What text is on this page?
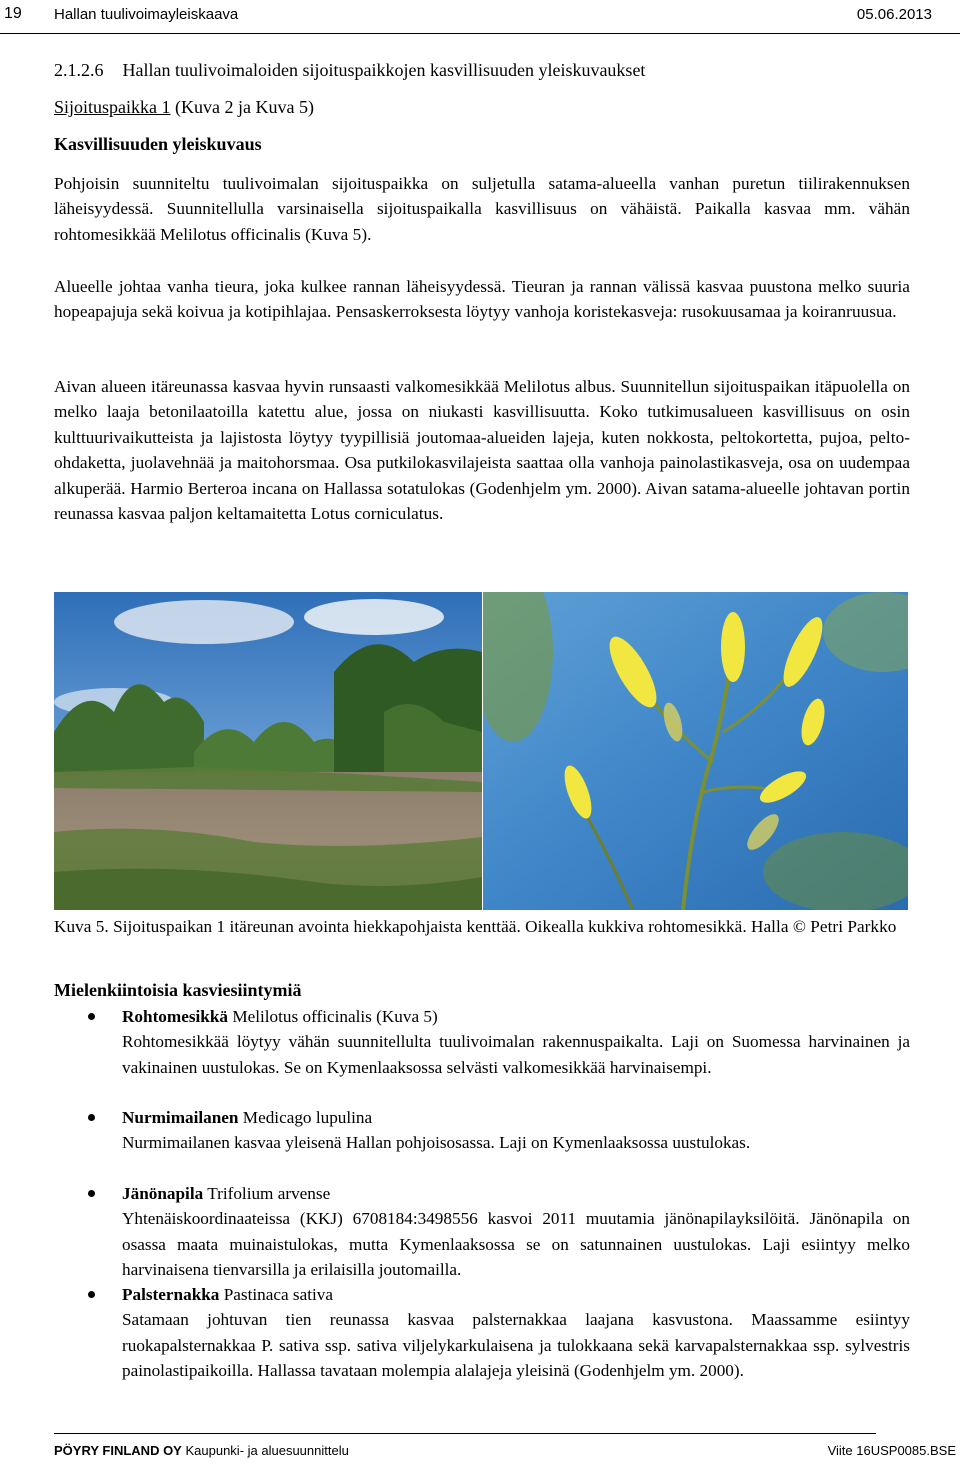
19 Hallan tuulivoimayleiskaava	05.06.2013
2.1.2.6 Hallan tuulivoimaloiden sijoituspaikkojen kasvillisuuden yleiskuvaukset
Sijoituspaikka 1 (Kuva 2 ja Kuva 5)
Kasvillisuuden yleiskuvaus
Pohjoisin suunniteltu tuulivoimalan sijoituspaikka on suljetulla satama-alueella vanhan puretun tiilirakennuksen läheisyydessä. Suunnitellulla varsinaisella sijoituspaikalla kasvillisuus on vähäistä. Paikalla kasvaa mm. vähän rohtomesikkää Melilotus officinalis (Kuva 5).
Alueelle johtaa vanha tieura, joka kulkee rannan läheisyydessä. Tieuran ja rannan välissä kasvaa puustona melko suuria hopeapajuja sekä koivua ja kotipihlajaa. Pensaskerroksesta löytyy vanhoja koristekasveja: rusokuusamaa ja koiranruusua.
Aivan alueen itäreunassa kasvaa hyvin runsaasti valkomesikkää Melilotus albus. Suunnitellun sijoituspaikan itäpuolella on melko laaja betonilaatoilla katettu alue, jossa on niukasti kasvillisuutta. Koko tutkimusalueen kasvillisuus on osin kulttuurivaikutteista ja lajistosta löytyy tyypillisiä joutomaa-alueiden lajeja, kuten nokkosta, peltokortetta, pujoa, pelto-ohdaketta, juolavehnää ja maitohorsmaa. Osa putkilokasvilajeista saattaa olla vanhoja painolastikasveja, osa on uudempaa alkuperää. Harmio Berteroa incana on Hallassa sotatulokas (Godenhjelm ym. 2000). Aivan satama-alueelle johtavan portin reunassa kasvaa paljon keltamaitetta Lotus corniculatus.
Kuva 5. Sijoituspaikan 1 itäreunan avointa hiekkapohjaista kenttää. Oikealla kukkiva rohtomesikkä. Halla © Petri Parkko
Mielenkiintoisia kasviesiintymiä
Rohtomesikkä Melilotus officinalis (Kuva 5)
Rohtomesikkää löytyy vähän suunnitellulta tuulivoimalan rakennuspaikalta. Laji on Suomessa harvinainen ja vakinainen uustulokas. Se on Kymenlaaksossa selvästi valkomesikkää harvinaisempi.
Nurmimailanen Medicago lupulina
Nurmimailanen kasvaa yleisenä Hallan pohjoisosassa. Laji on Kymenlaaksossa uustulokas.
Jänönapila Trifolium arvense
Yhtenäiskoordinaateissa (KKJ) 6708184:3498556 kasvoi 2011 muutamia jänönapilayksilöitä. Jänönapila on osassa maata muinaistulokas, mutta Kymenlaaksossa se on satunnainen uustulokas. Laji esiintyy melko harvinaisena tienvarsilla ja erilaisilla joutomailla.
Palsternakka Pastinaca sativa
Satamaan johtuvan tien reunassa kasvaa palsternakkaa laajana kasvustona. Maassamme esiintyy ruokapalsternakkaa P. sativa ssp. sativa viljelykarkulaisena ja tulokkaana sekä karvapalsternakkaa ssp. sylvestris painolastipaikoilla. Hallassa tavataan molempia alalajeja yleisinä (Godenhjelm ym. 2000).
PÖYRY FINLAND OY Kaupunki- ja aluesuunnittelu	Viite 16USP0085.BSE
